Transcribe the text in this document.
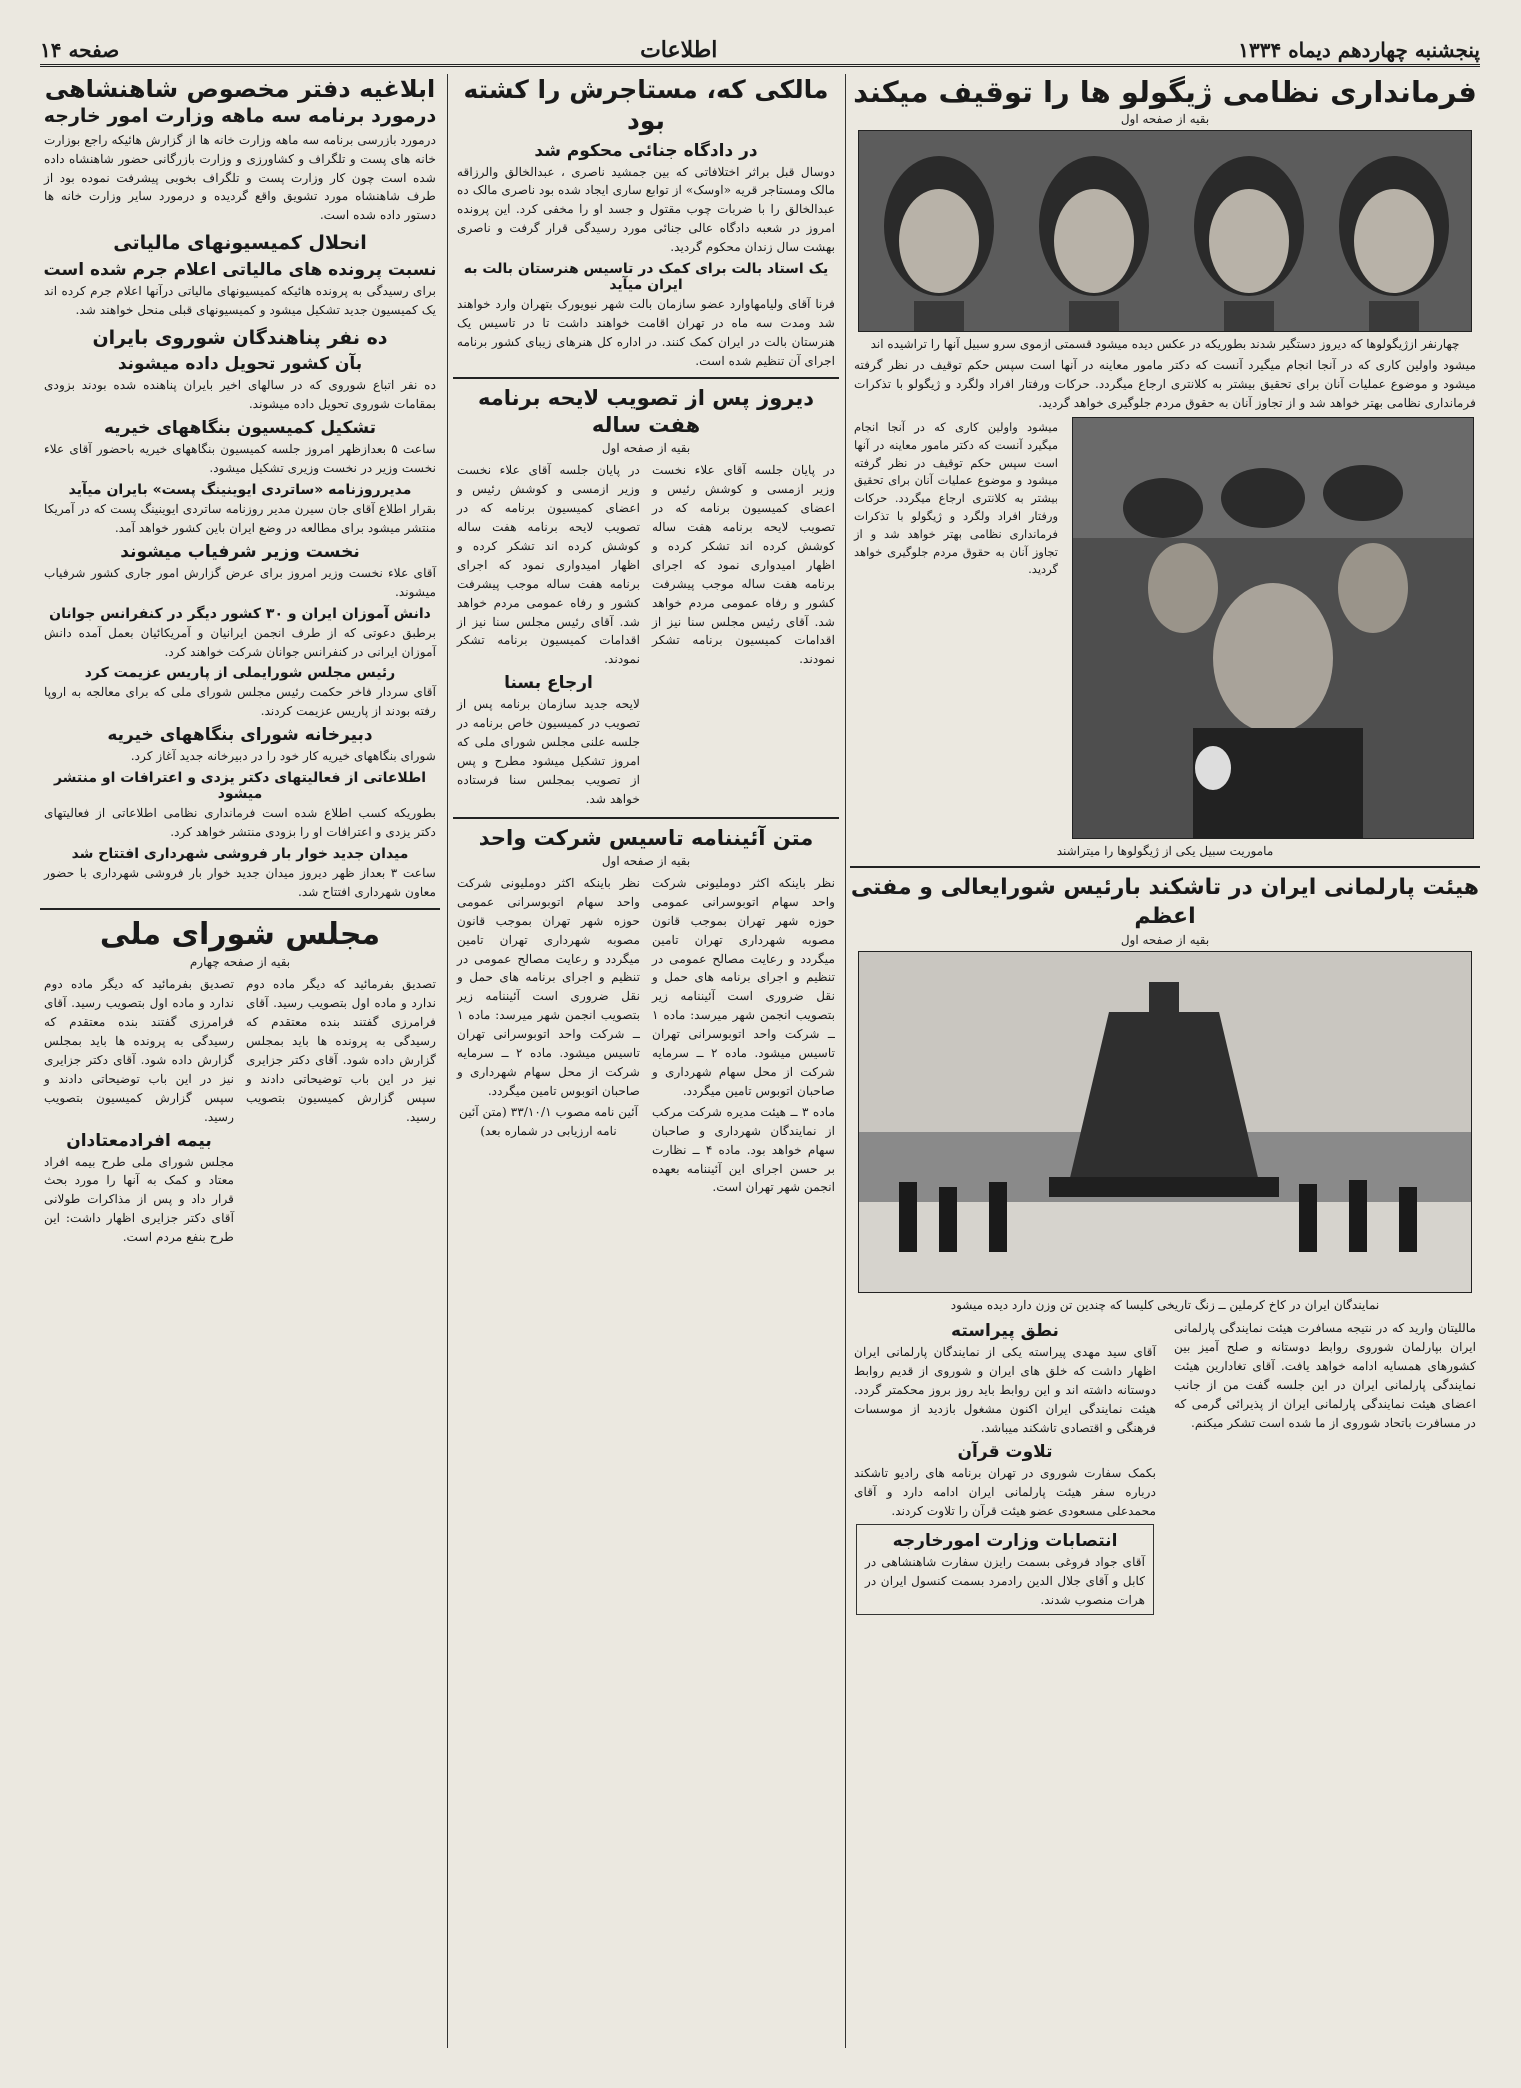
صفحه ۱۴	اطلاعات	پنجشنبه چهاردهم دیماه ۱۳۳۴
فرمانداری نظامی ژیگولو ها را توقیف میکند
بقیه از صفحه اول
چهارنفر ازژیگولوها که دیروز دستگیر شدند بطوریکه در عکس دیده میشود قسمتی ازموی سرو سبیل آنها را تراشیده اند

میشود واولین کاری که در آنجا انجام میگیرد آنست که دکتر مامور معاینه در آنها است سپس حکم توقیف در نظر گرفته میشود و موضوع عملیات آنان برای تحقیق بیشتر به کلانتری ارجاع میگردد. حرکات ورفتار افراد ولگرد و ژیگولو با تذکرات فرمانداری نظامی بهتر خواهد شد و از تجاوز آنان به حقوق مردم جلوگیری خواهد گردید.

میشود واولین کاری که در آنجا انجام میگیرد آنست که دکتر مامور معاینه در آنها است سپس حکم توقیف در نظر گرفته میشود و موضوع عملیات آنان برای تحقیق بیشتر به کلانتری ارجاع میگردد. حرکات ورفتار افراد ولگرد و ژیگولو با تذکرات فرمانداری نظامی بهتر خواهد شد و از تجاوز آنان به حقوق مردم جلوگیری خواهد گردید.

ماموریت سبیل یکی از ژیگولوها را میتراشند
هیئت پارلمانی ایران در تاشکند بارئیس شورایعالی و مفتی اعظم
بقیه از صفحه اول
نمایندگان ایران در کاخ کرملین ــ زنگ تاریخی کلیسا که چندین تن وزن دارد دیده میشود

ماللیتان وارید که در نتیجه مسافرت هیئت نمایندگی پارلمانی ایران بپارلمان شوروی روابط دوستانه و صلح آمیز بین کشورهای همسایه ادامه خواهد یافت. آقای تغادارین هیئت نمایندگی پارلمانی ایران در این جلسه گفت من از جانب اعضای هیئت نمایندگی پارلمانی ایران از پذیرائی گرمی که در مسافرت باتحاد شوروی از ما شده است تشکر میکنم.

نطق پیراسته

آقای سید مهدی پیراسته یکی از نمایندگان پارلمانی ایران اظهار داشت که خلق های ایران و شوروی از قدیم روابط دوستانه داشته اند و این روابط باید روز بروز محکمتر گردد. هیئت نمایندگی ایران اکنون مشغول بازدید از موسسات فرهنگی و اقتصادی تاشکند میباشد.

تلاوت قرآن

بکمک سفارت شوروی در تهران برنامه های رادیو تاشکند درباره سفر هیئت پارلمانی ایران ادامه دارد و آقای محمدعلی مسعودی عضو هیئت قرآن را تلاوت کردند.

انتصابات وزارت امورخارجه

آقای جواد فروغی بسمت رایزن سفارت شاهنشاهی در کابل و آقای جلال الدین رادمرد بسمت کنسول ایران در هرات منصوب شدند.

مالکی که، مستاجرش را کشته بود
در دادگاه جنائی محکوم شد

دوسال قبل براثر اختلافاتی که بین جمشید ناصری ، عبدالخالق والرزاقه مالک ومستاجر قریه «اوسک» از توابع ساری ایجاد شده بود ناصری مالک ده عبدالخالق را با ضربات چوب مقتول و جسد او را مخفی کرد. این پرونده امروز در شعبه دادگاه عالی جنائی مورد رسیدگی قرار گرفت و ناصری بهشت سال زندان محکوم گردید.

یک استاد بالت برای کمک در تاسیس هنرستان بالت به ایران میآید

فرنا آقای ولیامهاوارد عضو سازمان بالت شهر نیویورک بتهران وارد خواهند شد ومدت سه ماه در تهران اقامت خواهند داشت تا در تاسیس یک هنرستان بالت در ایران کمک کنند. در اداره کل هنرهای زیبای کشور برنامه اجرای آن تنظیم شده است.

دیروز پس از تصویب لایحه برنامه هفت ساله
بقیه از صفحه اول

در پایان جلسه آقای علاء نخست وزیر ازمسی و کوشش رئیس و اعضای کمیسیون برنامه که در تصویب لایحه برنامه هفت ساله کوشش کرده اند تشکر کرده و اظهار امیدواری نمود که اجرای برنامه هفت ساله موجب پیشرفت کشور و رفاه عمومی مردم خواهد شد. آقای رئیس مجلس سنا نیز از اقدامات کمیسیون برنامه تشکر نمودند.

در پایان جلسه آقای علاء نخست وزیر ازمسی و کوشش رئیس و اعضای کمیسیون برنامه که در تصویب لایحه برنامه هفت ساله کوشش کرده اند تشکر کرده و اظهار امیدواری نمود که اجرای برنامه هفت ساله موجب پیشرفت کشور و رفاه عمومی مردم خواهد شد. آقای رئیس مجلس سنا نیز از اقدامات کمیسیون برنامه تشکر نمودند.

ارجاع بسنا

لایحه جدید سازمان برنامه پس از تصویب در کمیسیون خاص برنامه در جلسه علنی مجلس شورای ملی که امروز تشکیل میشود مطرح و پس از تصویب بمجلس سنا فرستاده خواهد شد.

متن آئیننامه تاسیس شرکت واحد
بقیه از صفحه اول

نظر باینکه اکثر دوملیونی شرکت واحد سهام اتوبوسرانی عمومی حوزه شهر تهران بموجب قانون مصوبه شهرداری تهران تامین میگردد و رعایت مصالح عمومی در تنظیم و اجرای برنامه های حمل و نقل ضروری است آئیننامه زیر بتصویب انجمن شهر میرسد: ماده ۱ ــ شرکت واحد اتوبوسرانی تهران تاسیس میشود. ماده ۲ ــ سرمایه شرکت از محل سهام شهرداری و صاحبان اتوبوس تامین میگردد.

ماده ۳ ــ هیئت مدیره شرکت مرکب از نمایندگان شهرداری و صاحبان سهام خواهد بود. ماده ۴ ــ نظارت بر حسن اجرای این آئیننامه بعهده انجمن شهر تهران است.

نظر باینکه اکثر دوملیونی شرکت واحد سهام اتوبوسرانی عمومی حوزه شهر تهران بموجب قانون مصوبه شهرداری تهران تامین میگردد و رعایت مصالح عمومی در تنظیم و اجرای برنامه های حمل و نقل ضروری است آئیننامه زیر بتصویب انجمن شهر میرسد: ماده ۱ ــ شرکت واحد اتوبوسرانی تهران تاسیس میشود. ماده ۲ ــ سرمایه شرکت از محل سهام شهرداری و صاحبان اتوبوس تامین میگردد.

آئین نامه مصوب ۳۳/۱۰/۱ (متن آئین نامه ارزیابی در شماره بعد)

ابلاغیه دفتر مخصوص شاهنشاهی
درمورد برنامه سه ماهه وزارت امور خارجه

درمورد بازرسی برنامه سه ماهه وزارت خانه ها از گزارش هائیکه راجع بوزارت خانه های پست و تلگراف و کشاورزی و وزارت بازرگانی حضور شاهنشاه داده شده است چون کار وزارت پست و تلگراف بخوبی پیشرفت نموده بود از طرف شاهنشاه مورد تشویق واقع گردیده و درمورد سایر وزارت خانه ها دستور داده شده است.

انحلال کمیسیونهای مالیاتی
نسبت پرونده های مالیاتی اعلام جرم شده است

برای رسیدگی به پرونده هائیکه کمیسیونهای مالیاتی درآنها اعلام جرم کرده اند یک کمیسیون جدید تشکیل میشود و کمیسیونهای قبلی منحل خواهند شد.

ده نفر پناهندگان شوروی بایران
بآن کشور تحویل داده میشوند

ده نفر اتباع شوروی که در سالهای اخیر بایران پناهنده شده بودند بزودی بمقامات شوروی تحویل داده میشوند.

تشکیل کمیسیون بنگاههای خیریه

ساعت ۵ بعدازظهر امروز جلسه کمیسیون بنگاههای خیریه باحضور آقای علاء نخست وزیر در نخست وزیری تشکیل میشود.

مدیرروزنامه «ساتردی ایوینینگ پست» بایران میآید

بقرار اطلاع آقای جان سیرن مدیر روزنامه ساتردی ایوینینگ پست که در آمریکا منتشر میشود برای مطالعه در وضع ایران باین کشور خواهد آمد.

نخست وزیر شرفیاب میشوند

آقای علاء نخست وزیر امروز برای عرض گزارش امور جاری کشور شرفیاب میشوند.

دانش آموزان ایران و ۳۰ کشور دیگر در کنفرانس جوانان

برطبق دعوتی که از طرف انجمن ایرانیان و آمریکائیان بعمل آمده دانش آموزان ایرانی در کنفرانس جوانان شرکت خواهند کرد.

رئیس مجلس شورایملی از پاریس عزیمت کرد

آقای سردار فاخر حکمت رئیس مجلس شورای ملی که برای معالجه به اروپا رفته بودند از پاریس عزیمت کردند.

دبیرخانه شورای بنگاههای خیریه

شورای بنگاههای خیریه کار خود را در دبیرخانه جدید آغاز کرد.

اطلاعاتی از فعالیتهای دکتر یزدی و اعترافات او منتشر میشود

بطوریکه کسب اطلاع شده است فرمانداری نظامی اطلاعاتی از فعالیتهای دکتر یزدی و اعترافات او را بزودی منتشر خواهد کرد.

میدان جدید خوار بار فروشی شهرداری افتتاح شد

ساعت ۳ بعداز ظهر دیروز میدان جدید خوار بار فروشی شهرداری با حضور معاون شهرداری افتتاح شد.

مجلس شورای ملی
بقیه از صفحه چهارم

تصدیق بفرمائید که دیگر ماده دوم ندارد و ماده اول بتصویب رسید. آقای فرامرزی گفتند بنده معتقدم که رسیدگی به پرونده ها باید بمجلس گزارش داده شود. آقای دکتر جزایری نیز در این باب توضیحاتی دادند و سپس گزارش کمیسیون بتصویب رسید.

تصدیق بفرمائید که دیگر ماده دوم ندارد و ماده اول بتصویب رسید. آقای فرامرزی گفتند بنده معتقدم که رسیدگی به پرونده ها باید بمجلس گزارش داده شود. آقای دکتر جزایری نیز در این باب توضیحاتی دادند و سپس گزارش کمیسیون بتصویب رسید.

بیمه افرادمعتادان

مجلس شورای ملی طرح بیمه افراد معتاد و کمک به آنها را مورد بحث قرار داد و پس از مذاکرات طولانی آقای دکتر جزایری اظهار داشت: این طرح بنفع مردم است.
